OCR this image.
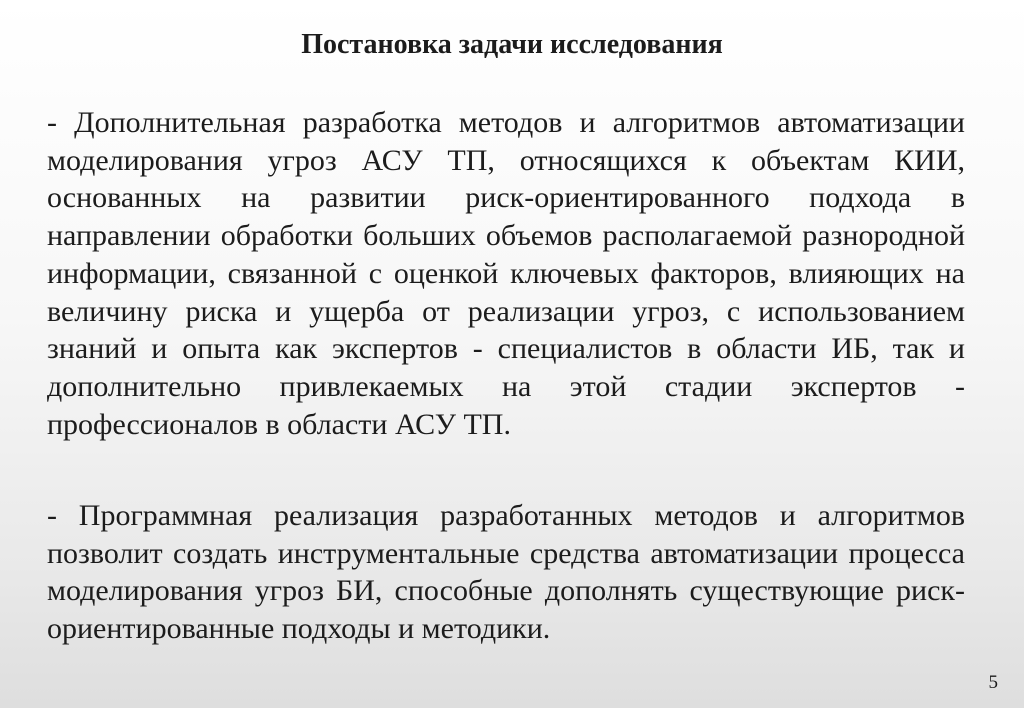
Постановка задачи исследования

- Дополнительная разработка методов и алгоритмов автоматизации моделирования угроз АСУ ТП, относящихся к объектам КИИ, основанных на развитии риск-ориентированного подхода в направлении обработки больших объемов располагаемой разнородной информации, связанной с оценкой ключевых факторов, влияющих на величину риска и ущерба от реализации угроз, с использованием знаний и опыта как экспертов - специалистов в области ИБ, так и дополнительно привлекаемых на этой стадии экспертов - профессионалов в области АСУ ТП.

- Программная реализация разработанных методов и алгоритмов позволит создать инструментальные средства автоматизации процесса моделирования угроз БИ, способные дополнять существующие риск-ориентированные подходы и методики.

5
